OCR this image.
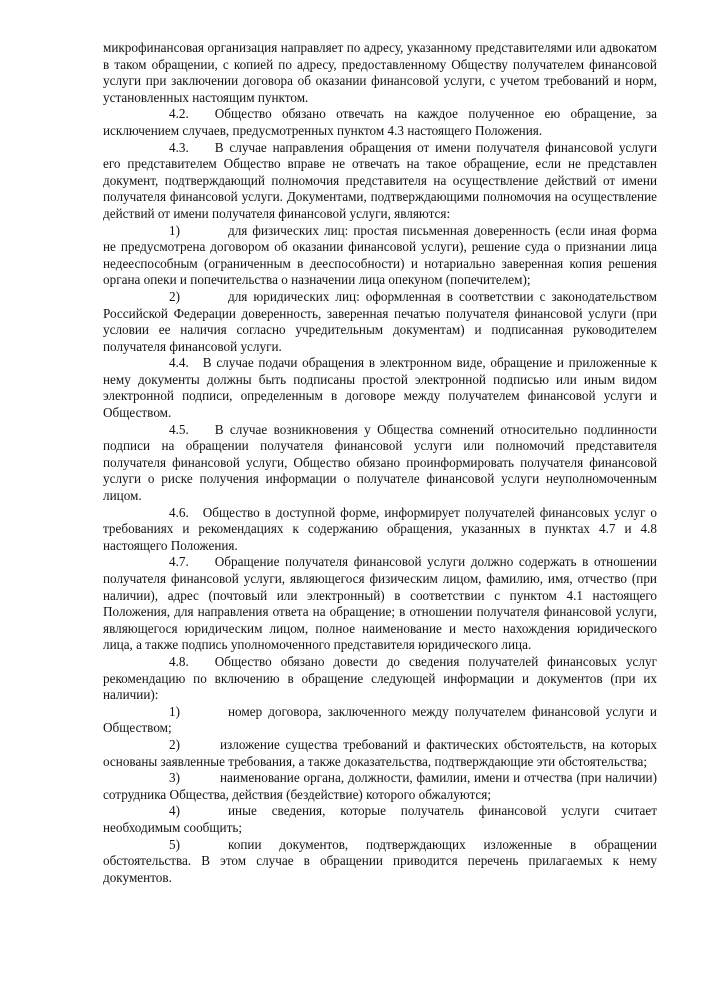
микрофинансовая организация направляет по адресу, указанному представителями или адвокатом в таком обращении, с копией по адресу, предоставленному Обществу получателем финансовой услуги при заключении договора об оказании финансовой услуги, с учетом требований и норм, установленных настоящим пунктом.

4.2. Общество обязано отвечать на каждое полученное ею обращение, за исключением случаев, предусмотренных пунктом 4.3 настоящего Положения.

4.3. В случае направления обращения от имени получателя финансовой услуги его представителем Общество вправе не отвечать на такое обращение, если не представлен документ, подтверждающий полномочия представителя на осуществление действий от имени получателя финансовой услуги. Документами, подтверждающими полномочия на осуществление действий от имени получателя финансовой услуги, являются:

1)	для физических лиц: простая письменная доверенность (если иная форма не предусмотрена договором об оказании финансовой услуги), решение суда о признании лица недееспособным (ограниченным в дееспособности) и нотариально заверенная копия решения органа опеки и попечительства о назначении лица опекуном (попечителем);

2)	для юридических лиц: оформленная в соответствии с законодательством Российской Федерации доверенность, заверенная печатью получателя финансовой услуги (при условии ее наличия согласно учредительным документам) и подписанная руководителем получателя финансовой услуги.

4.4. В случае подачи обращения в электронном виде, обращение и приложенные к нему документы должны быть подписаны простой электронной подписью или иным видом электронной подписи, определенным в договоре между получателем финансовой услуги и Обществом.

4.5. В случае возникновения у Общества сомнений относительно подлинности подписи на обращении получателя финансовой услуги или полномочий представителя получателя финансовой услуги, Общество обязано проинформировать получателя финансовой услуги о риске получения информации о получателе финансовой услуги неуполномоченным лицом.

4.6. Общество в доступной форме, информирует получателей финансовых услуг о требованиях и рекомендациях к содержанию обращения, указанных в пунктах 4.7 и 4.8 настоящего Положения.

4.7. Обращение получателя финансовой услуги должно содержать в отношении получателя финансовой услуги, являющегося физическим лицом, фамилию, имя, отчество (при наличии), адрес (почтовый или электронный) в соответствии с пунктом 4.1 настоящего Положения, для направления ответа на обращение; в отношении получателя финансовой услуги, являющегося юридическим лицом, полное наименование и место нахождения юридического лица, а также подпись уполномоченного представителя юридического лица.

4.8. Общество обязано довести до сведения получателей финансовых услуг рекомендацию по включению в обращение следующей информации и документов (при их наличии):

1)	номер договора, заключенного между получателем финансовой услуги и Обществом;

2)	изложение существа требований и фактических обстоятельств, на которых основаны заявленные требования, а также доказательства, подтверждающие эти обстоятельства;

3)	наименование органа, должности, фамилии, имени и отчества (при наличии) сотрудника Общества, действия (бездействие) которого обжалуются;

4)	иные сведения, которые получатель финансовой услуги считает необходимым сообщить;

5)	копии документов, подтверждающих изложенные в обращении обстоятельства. В этом случае в обращении приводится перечень прилагаемых к нему документов.
